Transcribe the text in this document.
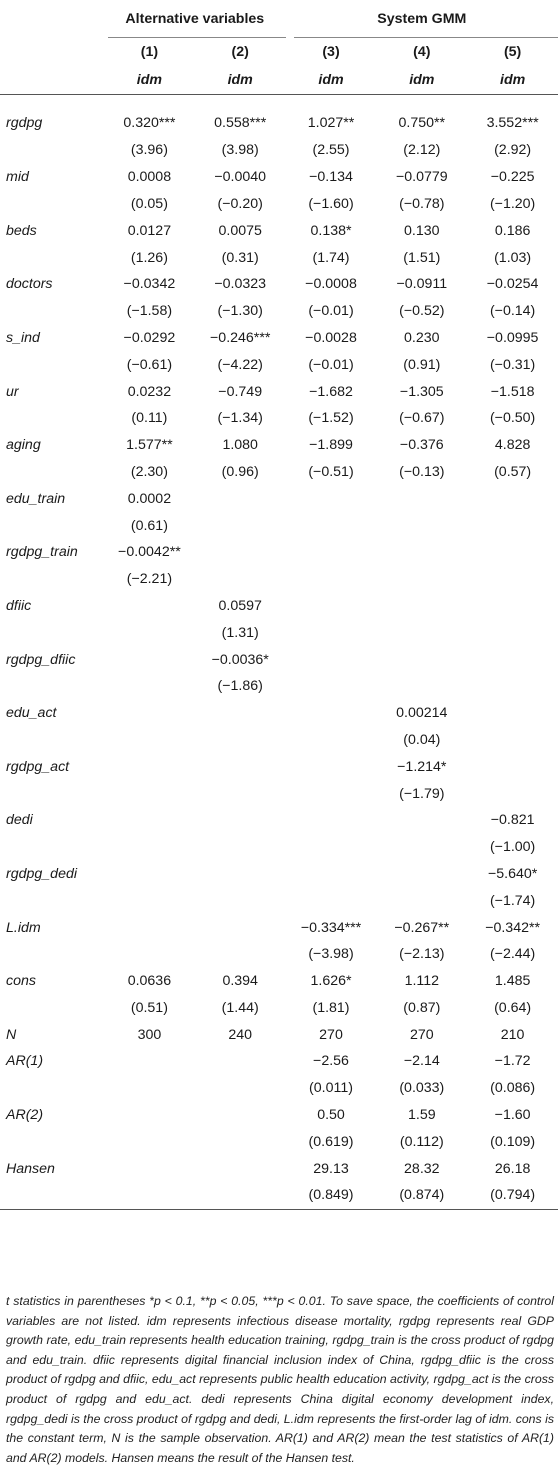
	Alternative variables		System GMM		
	(1)	(2)	(3)	(4)	(5)
	idm	idm	idm	idm	idm
rgdpg	0.320***	0.558***	1.027**	0.750**	3.552***
	(3.96)	(3.98)	(2.55)	(2.12)	(2.92)
mid	0.0008	−0.0040	−0.134	−0.0779	−0.225
	(0.05)	(−0.20)	(−1.60)	(−0.78)	(−1.20)
beds	0.0127	0.0075	0.138*	0.130	0.186
	(1.26)	(0.31)	(1.74)	(1.51)	(1.03)
doctors	−0.0342	−0.0323	−0.0008	−0.0911	−0.0254
	(−1.58)	(−1.30)	(−0.01)	(−0.52)	(−0.14)
s_ind	−0.0292	−0.246***	−0.0028	0.230	−0.0995
	(−0.61)	(−4.22)	(−0.01)	(0.91)	(−0.31)
ur	0.0232	−0.749	−1.682	−1.305	−1.518
	(0.11)	(−1.34)	(−1.52)	(−0.67)	(−0.50)
aging	1.577**	1.080	−1.899	−0.376	4.828
	(2.30)	(0.96)	(−0.51)	(−0.13)	(0.57)
edu_train	0.0002				
	(0.61)				
rgdpg_train	−0.0042**				
	(−2.21)				
dfiic		0.0597			
		(1.31)			
rgdpg_dfiic		−0.0036*			
		(−1.86)			
edu_act				0.00214	
				(0.04)	
rgdpg_act				−1.214*	
				(−1.79)	
dedi					−0.821
					(−1.00)
rgdpg_dedi					−5.640*
					(−1.74)
L.idm			−0.334***	−0.267**	−0.342**
			(−3.98)	(−2.13)	(−2.44)
cons	0.0636	0.394	1.626*	1.112	1.485
	(0.51)	(1.44)	(1.81)	(0.87)	(0.64)
N	300	240	270	270	210
AR(1)			−2.56	−2.14	−1.72
			(0.011)	(0.033)	(0.086)
AR(2)			0.50	1.59	−1.60
			(0.619)	(0.112)	(0.109)
Hansen			29.13	28.32	26.18
			(0.849)	(0.874)	(0.794)
t statistics in parentheses *p < 0.1, **p < 0.05, ***p < 0.01. To save space, the coefficients of control variables are not listed. idm represents infectious disease mortality, rgdpg represents real GDP growth rate, edu_train represents health education training, rgdpg_train is the cross product of rgdpg and edu_train. dfiic represents digital financial inclusion index of China, rgdpg_dfiic is the cross product of rgdpg and dfiic, edu_act represents public health education activity, rgdpg_act is the cross product of rgdpg and edu_act. dedi represents China digital economy development index, rgdpg_dedi is the cross product of rgdpg and dedi, L.idm represents the first-order lag of idm. cons is the constant term, N is the sample observation. AR(1) and AR(2) mean the test statistics of AR(1) and AR(2) models. Hansen means the result of the Hansen test.
